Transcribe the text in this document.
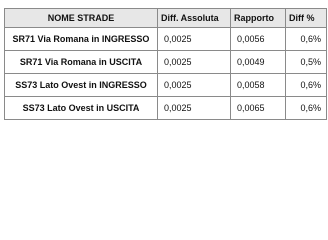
NOME STRADE	Diff. Assoluta	Rapporto	Diff %
SR71 Via Romana in INGRESSO	0,0025	0,0056	0,6%
SR71 Via Romana in USCITA	0,0025	0,0049	0,5%
SS73 Lato Ovest in INGRESSO	0,0025	0,0058	0,6%
SS73 Lato Ovest in USCITA	0,0025	0,0065	0,6%
